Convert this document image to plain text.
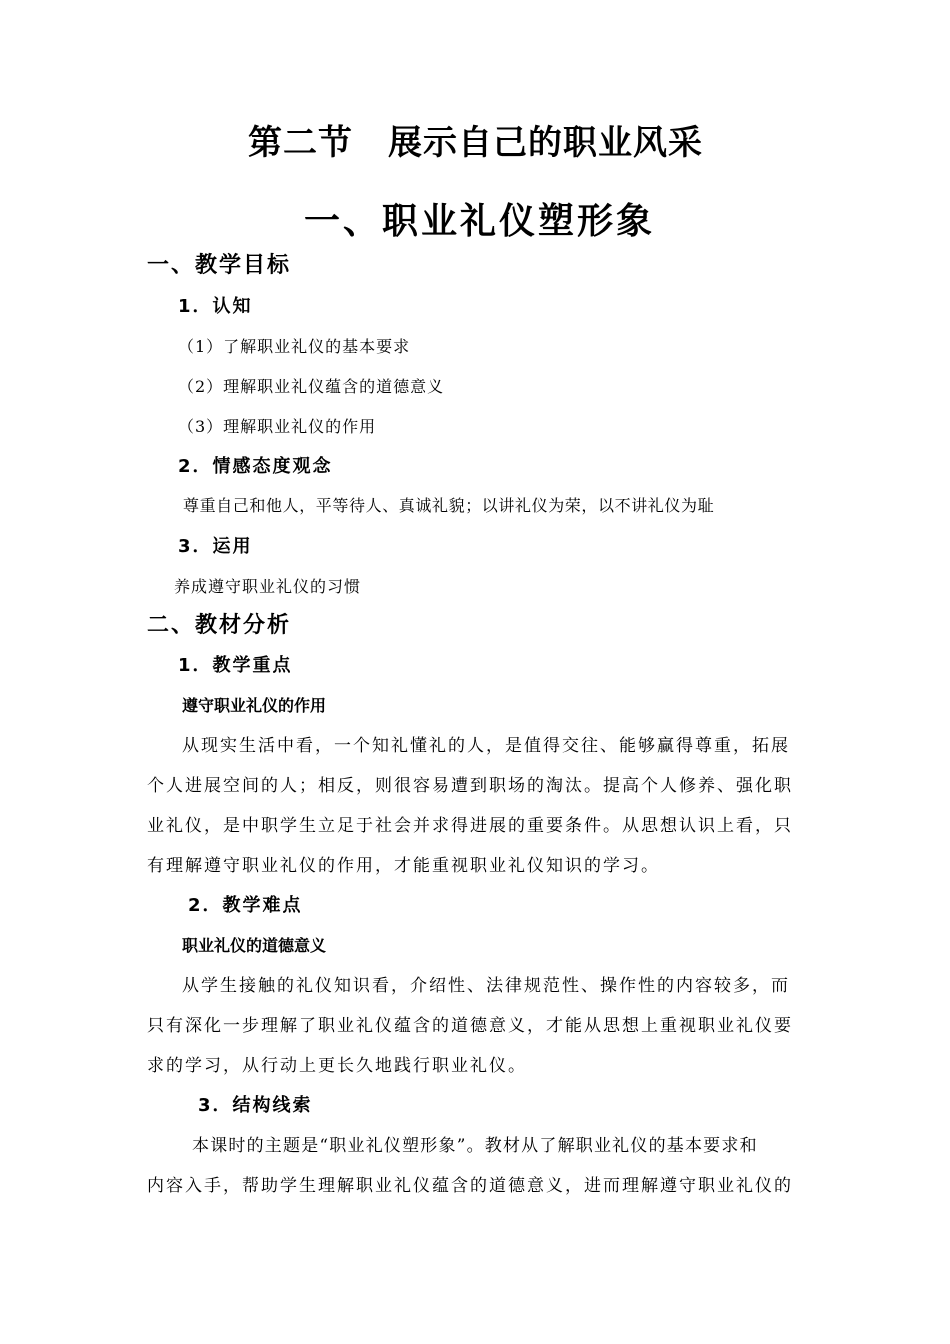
第二节　展示自己的职业风采
一、职业礼仪塑形象
一、教学目标
1．认知
（1）了解职业礼仪的基本要求
（2）理解职业礼仪蕴含的道德意义
（3）理解职业礼仪的作用
2．情感态度观念
尊重自己和他人，平等待人、真诚礼貌；以讲礼仪为荣，以不讲礼仪为耻
3．运用
养成遵守职业礼仪的习惯
二、教材分析
1．教学重点
遵守职业礼仪的作用
从现实生活中看，一个知礼懂礼的人，是值得交往、能够赢得尊重，拓展
个人进展空间的人；相反，则很容易遭到职场的淘汰。提高个人修养、强化职
业礼仪，是中职学生立足于社会并求得进展的重要条件。从思想认识上看，只
有理解遵守职业礼仪的作用，才能重视职业礼仪知识的学习。
2．教学难点
职业礼仪的道德意义
从学生接触的礼仪知识看，介绍性、法律规范性、操作性的内容较多，而
只有深化一步理解了职业礼仪蕴含的道德意义，才能从思想上重视职业礼仪要
求的学习，从行动上更长久地践行职业礼仪。
3．结构线索
本课时的主题是“职业礼仪塑形象”。教材从了解职业礼仪的基本要求和
内容入手，帮助学生理解职业礼仪蕴含的道德意义，进而理解遵守职业礼仪的
